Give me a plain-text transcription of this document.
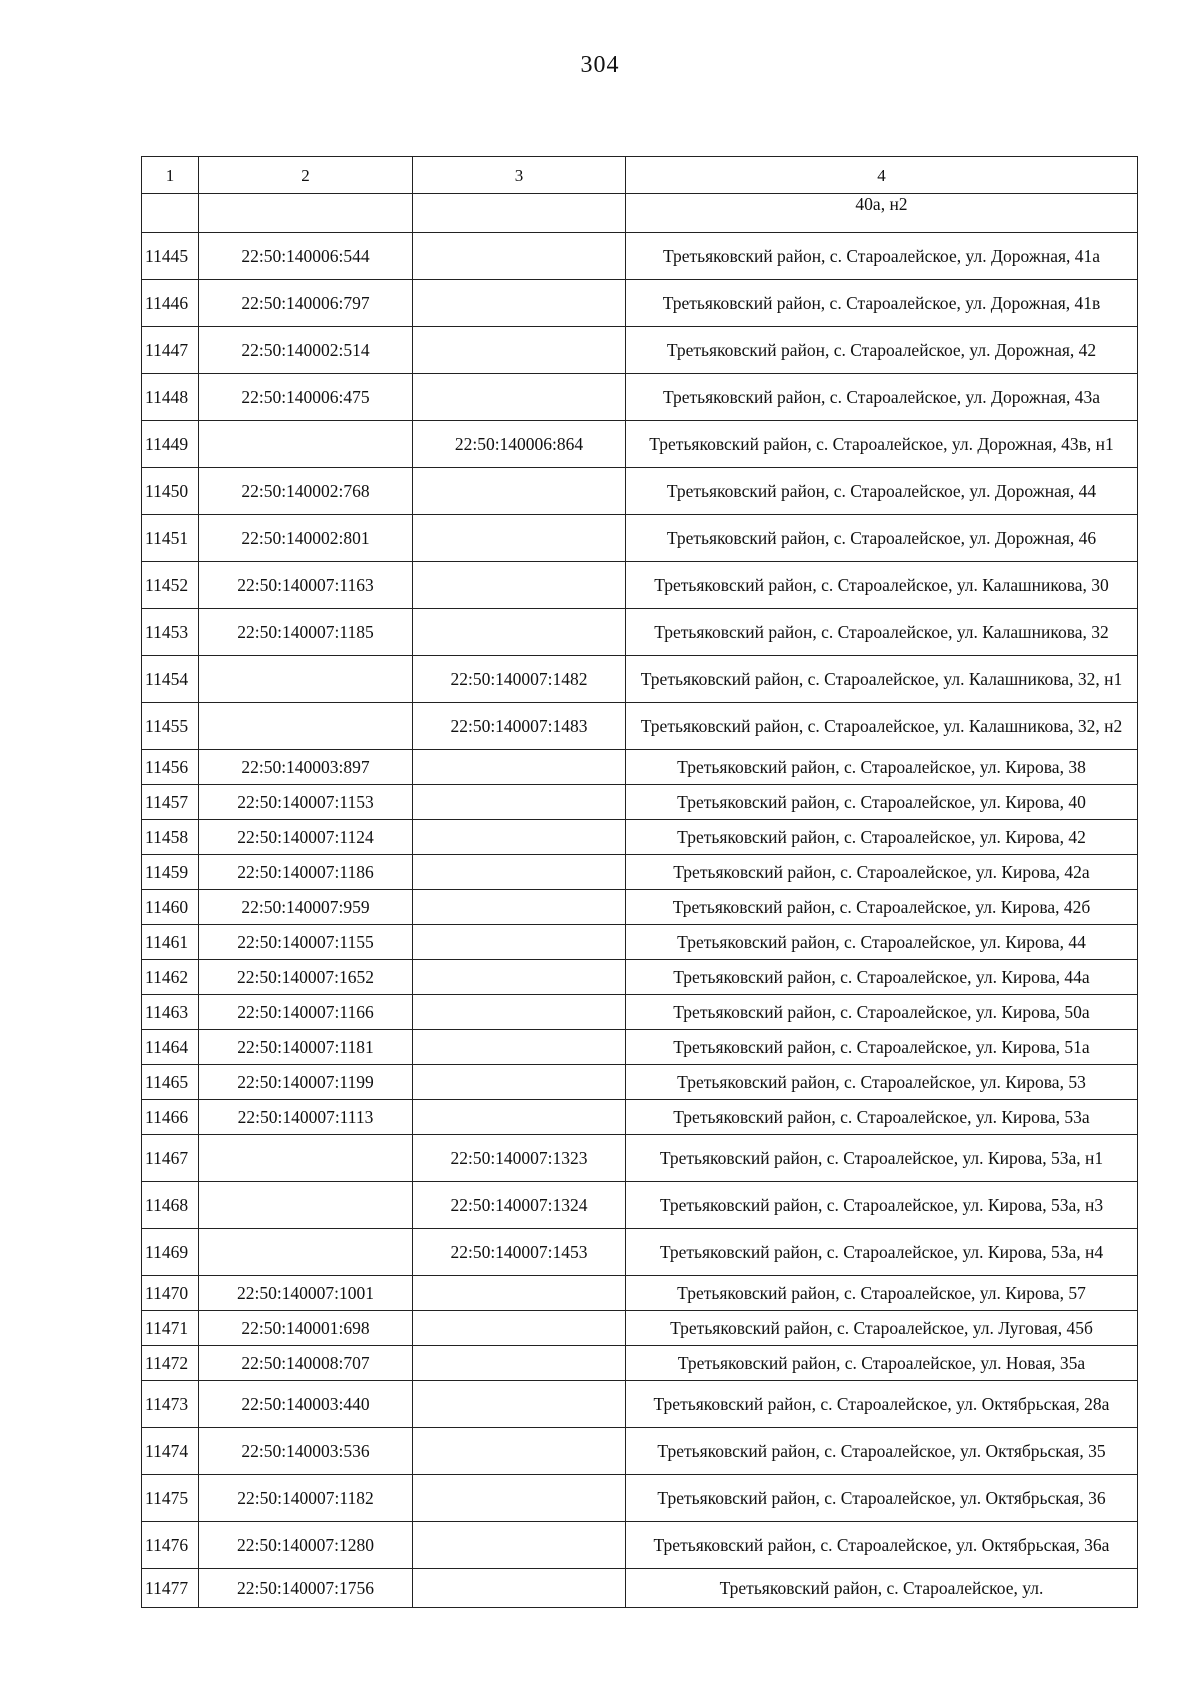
304
1	2	3	4
			40а, н2
11445	22:50:140006:544		Третьяковский район, с. Староалейское, ул. Дорожная, 41а
11446	22:50:140006:797		Третьяковский район, с. Староалейское, ул. Дорожная, 41в
11447	22:50:140002:514		Третьяковский район, с. Староалейское, ул. Дорожная, 42
11448	22:50:140006:475		Третьяковский район, с. Староалейское, ул. Дорожная, 43а
11449		22:50:140006:864	Третьяковский район, с. Староалейское, ул. Дорожная, 43в, н1
11450	22:50:140002:768		Третьяковский район, с. Староалейское, ул. Дорожная, 44
11451	22:50:140002:801		Третьяковский район, с. Староалейское, ул. Дорожная, 46
11452	22:50:140007:1163		Третьяковский район, с. Староалейское, ул. Калашникова, 30
11453	22:50:140007:1185		Третьяковский район, с. Староалейское, ул. Калашникова, 32
11454		22:50:140007:1482	Третьяковский район, с. Староалейское, ул. Калашникова, 32, н1
11455		22:50:140007:1483	Третьяковский район, с. Староалейское, ул. Калашникова, 32, н2
11456	22:50:140003:897		Третьяковский район, с. Староалейское, ул. Кирова, 38
11457	22:50:140007:1153		Третьяковский район, с. Староалейское, ул. Кирова, 40
11458	22:50:140007:1124		Третьяковский район, с. Староалейское, ул. Кирова, 42
11459	22:50:140007:1186		Третьяковский район, с. Староалейское, ул. Кирова, 42а
11460	22:50:140007:959		Третьяковский район, с. Староалейское, ул. Кирова, 42б
11461	22:50:140007:1155		Третьяковский район, с. Староалейское, ул. Кирова, 44
11462	22:50:140007:1652		Третьяковский район, с. Староалейское, ул. Кирова, 44а
11463	22:50:140007:1166		Третьяковский район, с. Староалейское, ул. Кирова, 50а
11464	22:50:140007:1181		Третьяковский район, с. Староалейское, ул. Кирова, 51а
11465	22:50:140007:1199		Третьяковский район, с. Староалейское, ул. Кирова, 53
11466	22:50:140007:1113		Третьяковский район, с. Староалейское, ул. Кирова, 53а
11467		22:50:140007:1323	Третьяковский район, с. Староалейское, ул. Кирова, 53а, н1
11468		22:50:140007:1324	Третьяковский район, с. Староалейское, ул. Кирова, 53а, н3
11469		22:50:140007:1453	Третьяковский район, с. Староалейское, ул. Кирова, 53а, н4
11470	22:50:140007:1001		Третьяковский район, с. Староалейское, ул. Кирова, 57
11471	22:50:140001:698		Третьяковский район, с. Староалейское, ул. Луговая, 45б
11472	22:50:140008:707		Третьяковский район, с. Староалейское, ул. Новая, 35а
11473	22:50:140003:440		Третьяковский район, с. Староалейское, ул. Октябрьская, 28а
11474	22:50:140003:536		Третьяковский район, с. Староалейское, ул. Октябрьская, 35
11475	22:50:140007:1182		Третьяковский район, с. Староалейское, ул. Октябрьская, 36
11476	22:50:140007:1280		Третьяковский район, с. Староалейское, ул. Октябрьская, 36а
11477	22:50:140007:1756		Третьяковский район, с. Староалейское, ул.
